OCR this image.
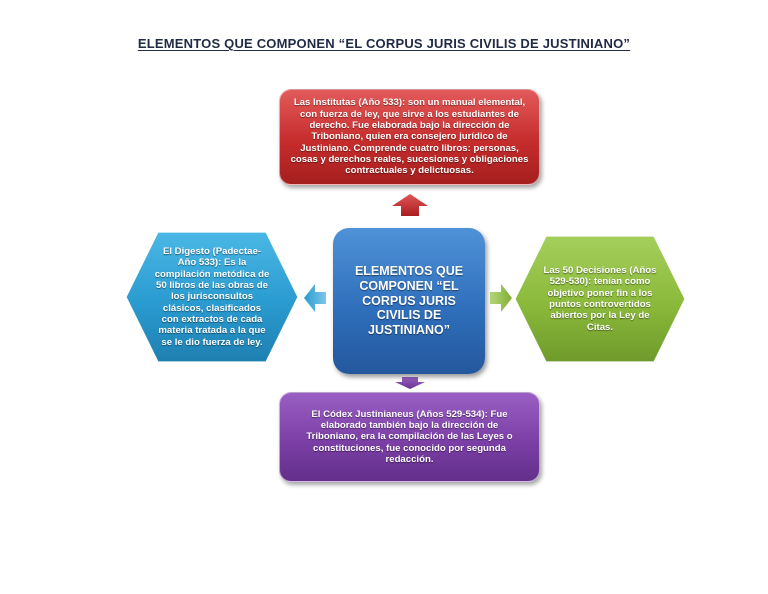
ELEMENTOS QUE COMPONEN “EL CORPUS JURIS CIVILIS DE JUSTINIANO”
Las Institutas (Año 533): son un manual elemental, con fuerza de ley, que sirve a los estudiantes de derecho. Fue elaborada bajo la dirección de Triboniano, quien era consejero jurídico de Justiniano. Comprende cuatro libros: personas, cosas y derechos reales, sucesiones y obligaciones contractuales y delictuosas.
ELEMENTOS QUE COMPONEN “EL CORPUS JURIS CIVILIS DE JUSTINIANO”
El Códex Justinianeus (Años 529-534): Fue elaborado también bajo la dirección de Triboniano, era la compilación de las Leyes o constituciones, fue conocido por segunda redacción.
El Digesto (Padectae-Año 533): Es la compilación metódica de 50 libros de las obras de los jurisconsultos clásicos, clasificados con extractos de cada materia tratada a la que se le dio fuerza de ley.
Las 50 Decisiones (Años 529-530): tenían como objetivo poner fin a los puntos controvertidos abiertos por la Ley de Citas.
